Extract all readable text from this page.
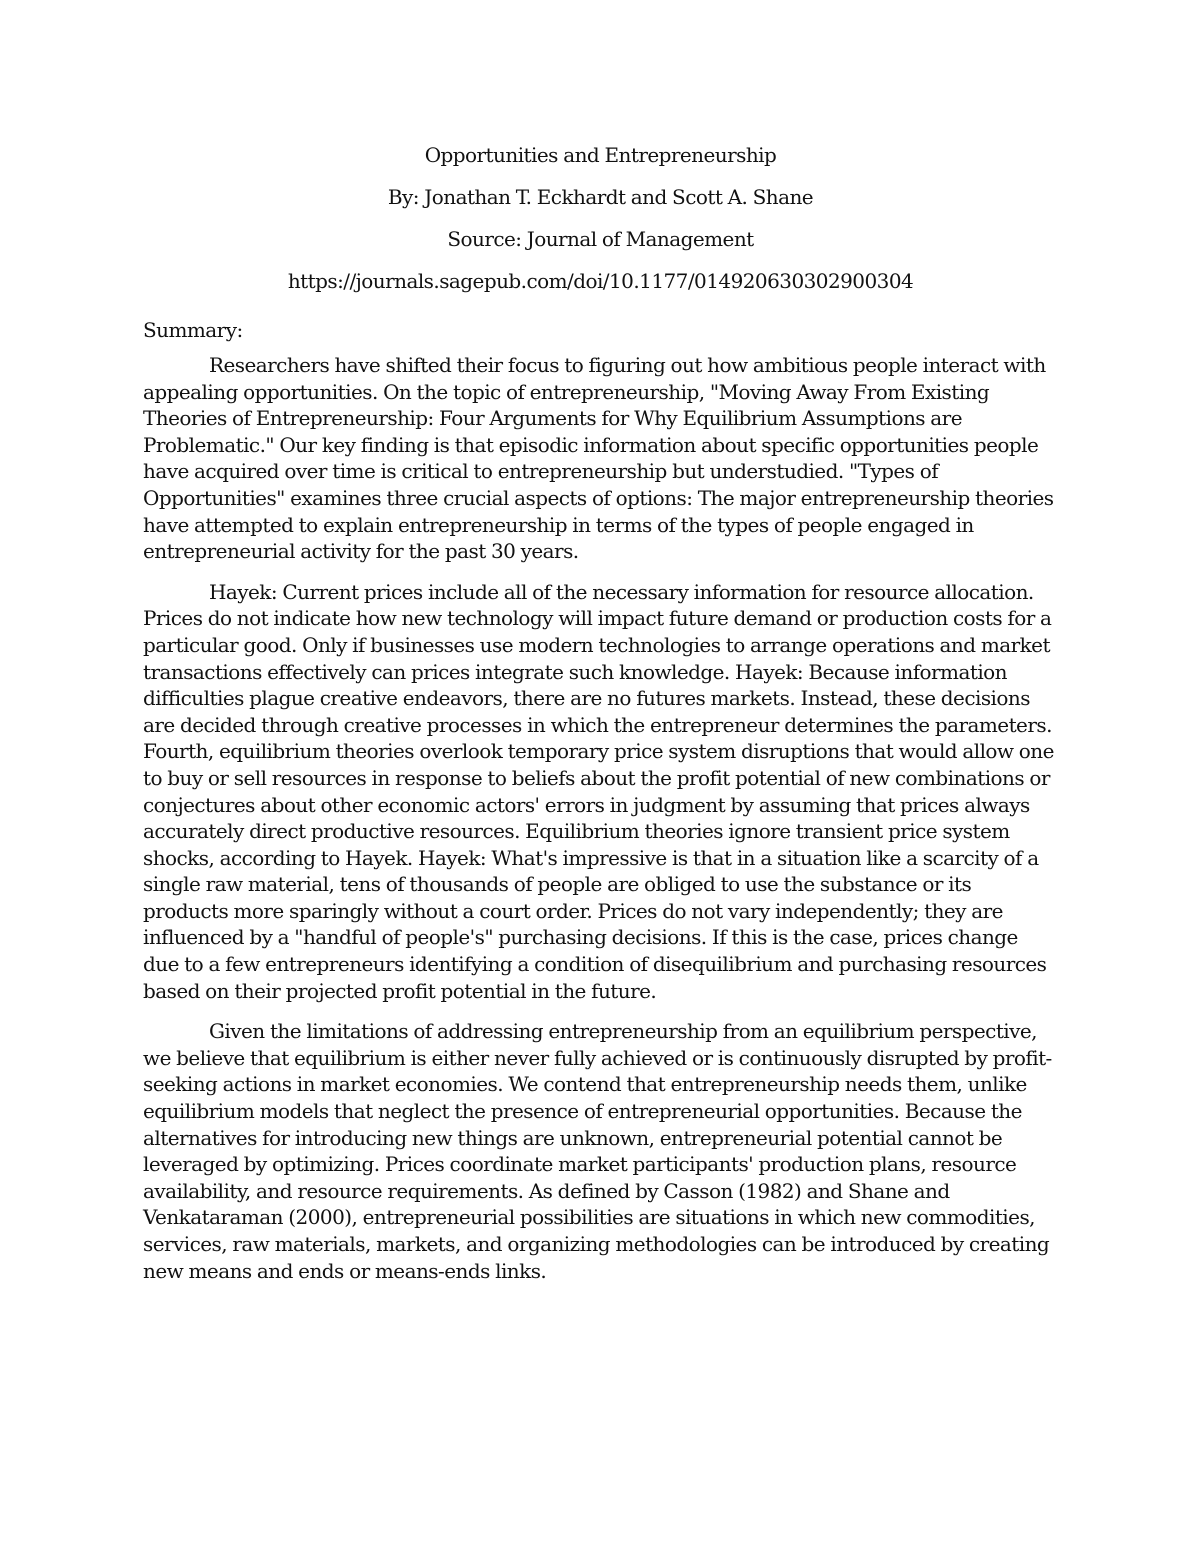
Opportunities and Entrepreneurship

By: Jonathan T. Eckhardt and Scott A. Shane

Source: Journal of Management

https://journals.sagepub.com/doi/10.1177/014920630302900304

Summary:

Researchers have shifted their focus to figuring out how ambitious people interact with appealing opportunities. On the topic of entrepreneurship, "Moving Away From Existing Theories of Entrepreneurship: Four Arguments for Why Equilibrium Assumptions are Problematic." Our key finding is that episodic information about specific opportunities people have acquired over time is critical to entrepreneurship but understudied. "Types of Opportunities" examines three crucial aspects of options: The major entrepreneurship theories have attempted to explain entrepreneurship in terms of the types of people engaged in entrepreneurial activity for the past 30 years.

Hayek: Current prices include all of the necessary information for resource allocation. Prices do not indicate how new technology will impact future demand or production costs for a particular good. Only if businesses use modern technologies to arrange operations and market transactions effectively can prices integrate such knowledge. Hayek: Because information difficulties plague creative endeavors, there are no futures markets. Instead, these decisions are decided through creative processes in which the entrepreneur determines the parameters. Fourth, equilibrium theories overlook temporary price system disruptions that would allow one to buy or sell resources in response to beliefs about the profit potential of new combinations or conjectures about other economic actors' errors in judgment by assuming that prices always accurately direct productive resources. Equilibrium theories ignore transient price system shocks, according to Hayek. Hayek: What's impressive is that in a situation like a scarcity of a single raw material, tens of thousands of people are obliged to use the substance or its products more sparingly without a court order. Prices do not vary independently; they are influenced by a "handful of people's" purchasing decisions. If this is the case, prices change due to a few entrepreneurs identifying a condition of disequilibrium and purchasing resources based on their projected profit potential in the future.

Given the limitations of addressing entrepreneurship from an equilibrium perspective, we believe that equilibrium is either never fully achieved or is continuously disrupted by profit-seeking actions in market economies. We contend that entrepreneurship needs them, unlike equilibrium models that neglect the presence of entrepreneurial opportunities. Because the alternatives for introducing new things are unknown, entrepreneurial potential cannot be leveraged by optimizing. Prices coordinate market participants' production plans, resource availability, and resource requirements. As defined by Casson (1982) and Shane and Venkataraman (2000), entrepreneurial possibilities are situations in which new commodities, services, raw materials, markets, and organizing methodologies can be introduced by creating new means and ends or means-ends links.
